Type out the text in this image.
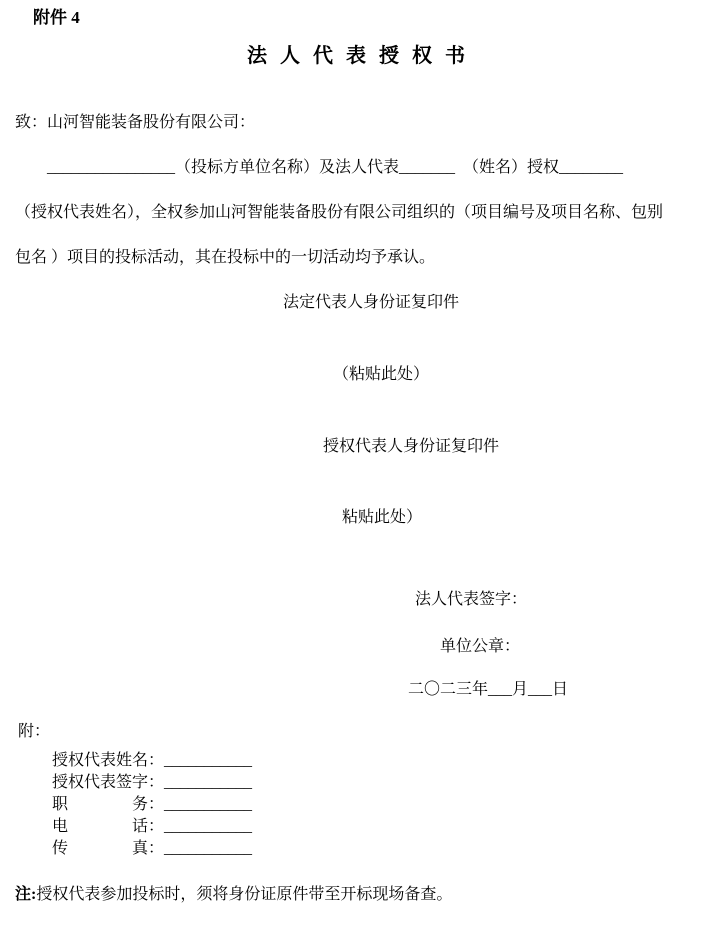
附件 4
法 人 代 表 授 权 书
致：山河智能装备股份有限公司：
________________（投标方单位名称）及法人代表_______　（姓名）授权________
（授权代表姓名），全权参加山河智能装备股份有限公司组织的（项目编号及项目名称、包别
包名 ）项目的投标活动，其在投标中的一切活动均予承认。
法定代表人身份证复印件
（粘贴此处）
授权代表人身份证复印件
粘贴此处）
法人代表签字：
单位公章：
二〇二三年___月___日
附：
授权代表姓名：___________
授权代表签字：___________
职　　　　务：___________
电　　　　话：___________
传　　　　真：___________
注:授权代表参加投标时，须将身份证原件带至开标现场备查。
